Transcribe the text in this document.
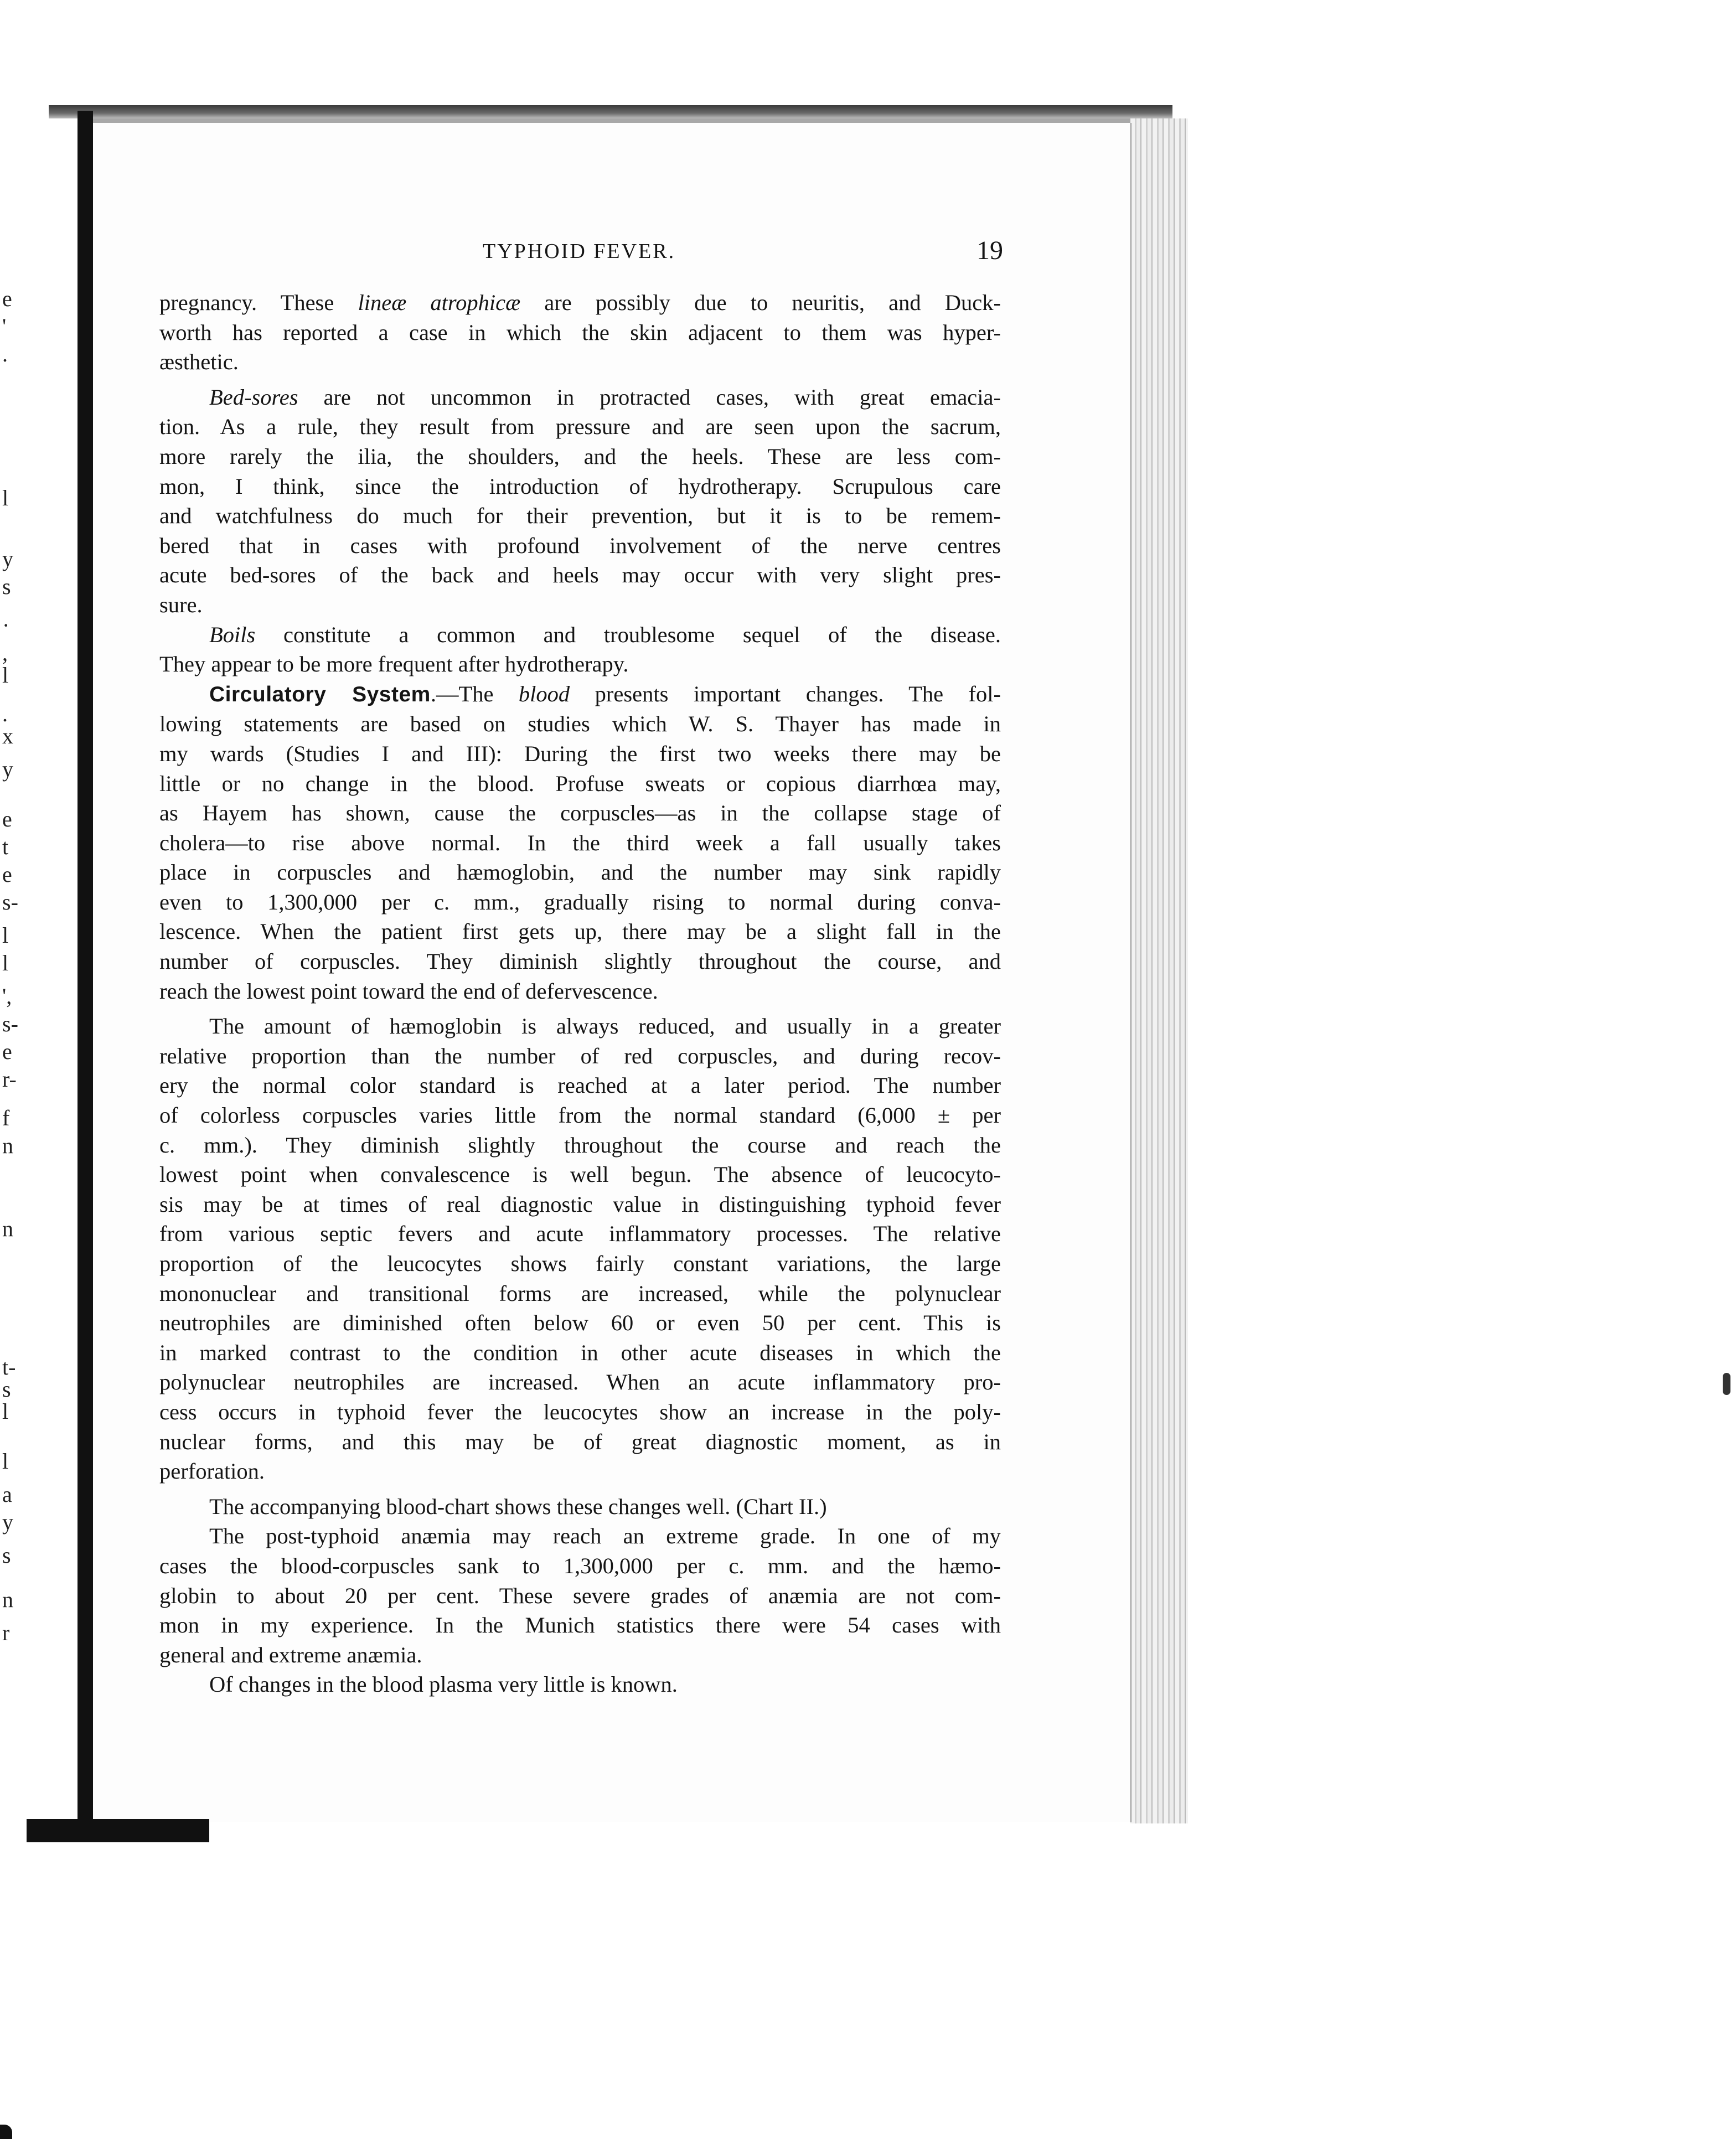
e
'
.
l
y
s
·
,
l
.
x
y
e
t
e
s-
l
l
',
s-
e
r-
f
n
n
t-
s
l
l
a
y
s
n
r
TYPHOID FEVER.	19

pregnancy. These lineæ atrophicæ are possibly due to neuritis, and Duck-
worth has reported a case in which the skin adjacent to them was hyper-
æsthetic.

Bed-sores are not uncommon in protracted cases, with great emacia-
tion. As a rule, they result from pressure and are seen upon the sacrum,
more rarely the ilia, the shoulders, and the heels. These are less com-
mon, I think, since the introduction of hydrotherapy. Scrupulous care
and watchfulness do much for their prevention, but it is to be remem-
bered that in cases with profound involvement of the nerve centres
acute bed-sores of the back and heels may occur with very slight pres-
sure.

Boils constitute a common and troublesome sequel of the disease.
They appear to be more frequent after hydrotherapy.

Circulatory System.—The blood presents important changes. The fol-
lowing statements are based on studies which W. S. Thayer has made in
my wards (Studies I and III): During the first two weeks there may be
little or no change in the blood. Profuse sweats or copious diarrhœa may,
as Hayem has shown, cause the corpuscles—as in the collapse stage of
cholera—to rise above normal. In the third week a fall usually takes
place in corpuscles and hæmoglobin, and the number may sink rapidly
even to 1,300,000 per c. mm., gradually rising to normal during conva-
lescence. When the patient first gets up, there may be a slight fall in the
number of corpuscles. They diminish slightly throughout the course, and
reach the lowest point toward the end of defervescence.

The amount of hæmoglobin is always reduced, and usually in a greater
relative proportion than the number of red corpuscles, and during recov-
ery the normal color standard is reached at a later period. The number
of colorless corpuscles varies little from the normal standard (6,000 ± per
c. mm.). They diminish slightly throughout the course and reach the
lowest point when convalescence is well begun. The absence of leucocyto-
sis may be at times of real diagnostic value in distinguishing typhoid fever
from various septic fevers and acute inflammatory processes. The relative
proportion of the leucocytes shows fairly constant variations, the large
mononuclear and transitional forms are increased, while the polynuclear
neutrophiles are diminished often below 60 or even 50 per cent. This is
in marked contrast to the condition in other acute diseases in which the
polynuclear neutrophiles are increased. When an acute inflammatory pro-
cess occurs in typhoid fever the leucocytes show an increase in the poly-
nuclear forms, and this may be of great diagnostic moment, as in
perforation.

The accompanying blood-chart shows these changes well. (Chart II.)

The post-typhoid anæmia may reach an extreme grade. In one of my
cases the blood-corpuscles sank to 1,300,000 per c. mm. and the hæmo-
globin to about 20 per cent. These severe grades of anæmia are not com-
mon in my experience. In the Munich statistics there were 54 cases with
general and extreme anæmia.

Of changes in the blood plasma very little is known.
